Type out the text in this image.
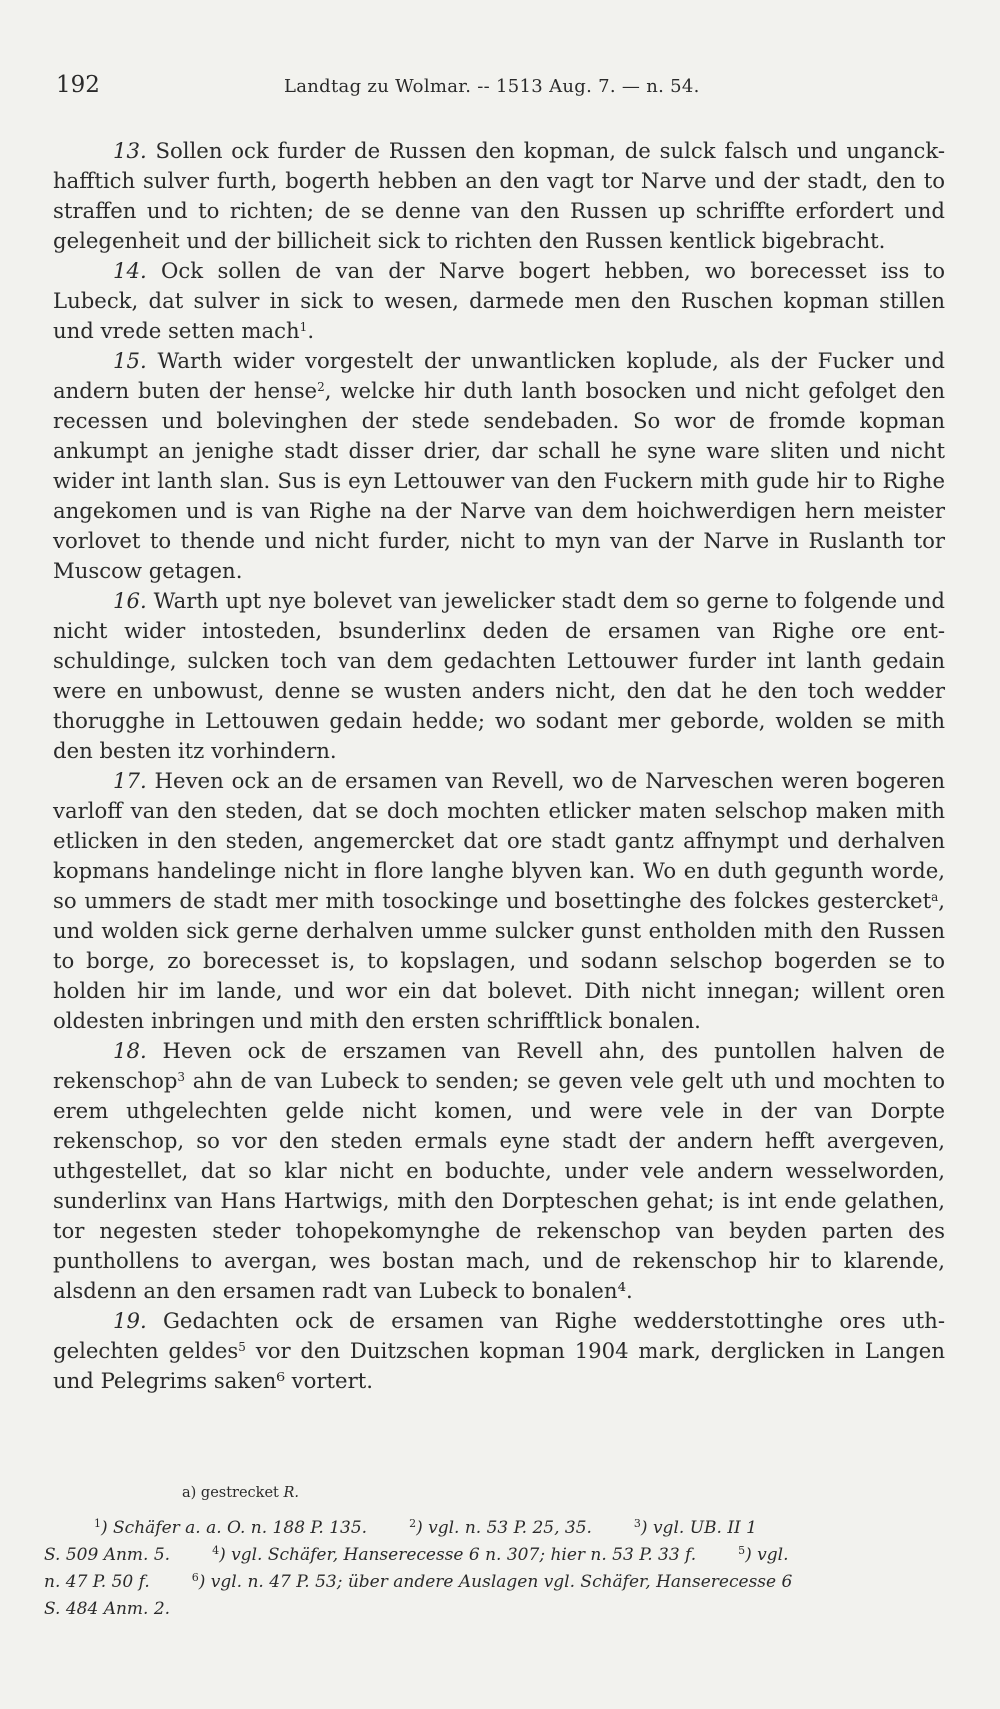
192	Landtag zu Wolmar. -- 1513 Aug. 7. — n. 54.

13. Sollen ock furder de Russen den kopman, de sulck falsch und unganck-hafftich sulver furth, bogerth hebben an den vagt tor Narve und der stadt, den to straffen und to richten; de se denne van den Russen up schriffte erfordert und gelegenheit und der billicheit sick to richten den Russen kentlick bigebracht.

14. Ock sollen de van der Narve bogert hebben, wo borecesset iss to Lubeck, dat sulver in sick to wesen, darmede men den Ruschen kopman stillen und vrede setten mach$^1$.

15. Warth wider vorgestelt der unwantlicken koplude, als der Fucker und andern buten der hense$^2$, welcke hir duth lanth bosocken und nicht gefolget den recessen und bolevinghen der stede sendebaden. So wor de fromde kopman ankumpt an jenighe stadt disser drier, dar schall he syne ware sliten und nicht wider int lanth slan. Sus is eyn Lettouwer van den Fuckern mith gude hir to Righe angekomen und is van Righe na der Narve van dem hoichwerdigen hern meister vorlovet to thende und nicht furder, nicht to myn van der Narve in Ruslanth tor Muscow getagen.

16. Warth upt nye bolevet van jewelicker stadt dem so gerne to folgende und nicht wider intosteden, bsunderlinx deden de ersamen van Righe ore ent-schuldinge, sulcken toch van dem gedachten Lettouwer furder int lanth gedain were en unbowust, denne se wusten anders nicht, den dat he den toch wedder thorugghe in Lettouwen gedain hedde; wo sodant mer geborde, wolden se mith den besten itz vorhindern.

17. Heven ock an de ersamen van Revell, wo de Narveschen weren bogeren varloff van den steden, dat se doch mochten etlicker maten selschop maken mith etlicken in den steden, angemercket dat ore stadt gantz affnympt und derhalven kopmans handelinge nicht in flore langhe blyven kan. Wo en duth gegunth worde, so ummers de stadt mer mith tosockinge und bosettinghe des folckes gestercket$^a$, und wolden sick gerne derhalven umme sulcker gunst entholden mith den Russen to borge, zo borecesset is, to kopslagen, und sodann selschop bogerden se to holden hir im lande, und wor ein dat bolevet. Dith nicht innegan; willent oren oldesten inbringen und mith den ersten schrifftlick bonalen.

18. Heven ock de erszamen van Revell ahn, des puntollen halven de rekenschop$^3$ ahn de van Lubeck to senden; se geven vele gelt uth und mochten to erem uthgelechten gelde nicht komen, und were vele in der van Dorpte rekenschop, so vor den steden ermals eyne stadt der andern hefft avergeven, uthgestellet, dat so klar nicht en boduchte, under vele andern wesselworden, sunderlinx van Hans Hartwigs, mith den Dorpteschen gehat; is int ende gelathen, tor negesten steder tohopekomynghe de rekenschop van beyden parten des punthollens to avergan, wes bostan mach, und de rekenschop hir to klarende, alsdenn an den ersamen radt van Lubeck to bonalen⁴.

19. Gedachten ock de ersamen van Righe wedderstottinghe ores uth-gelechten geldes$^5$ vor den Duitzschen kopman 1904 mark, derglicken in Langen und Pelegrims saken⁶ vortert.

a) gestrecket R.
$^1$) Schäfer a. a. O. n. 188 P. 135.	$^2$) vgl. n. 53 P. 25, 35.	$^3$) vgl. UB. II 1
S. 509 Anm. 5.	$^4$) vgl. Schäfer, Hanserecesse 6 n. 307; hier n. 53 P. 33 f.	$^5$) vgl.
n. 47 P. 50 f.	$^6$) vgl. n. 47 P. 53; über andere Auslagen vgl. Schäfer, Hanserecesse 6
S. 484 Anm. 2.
